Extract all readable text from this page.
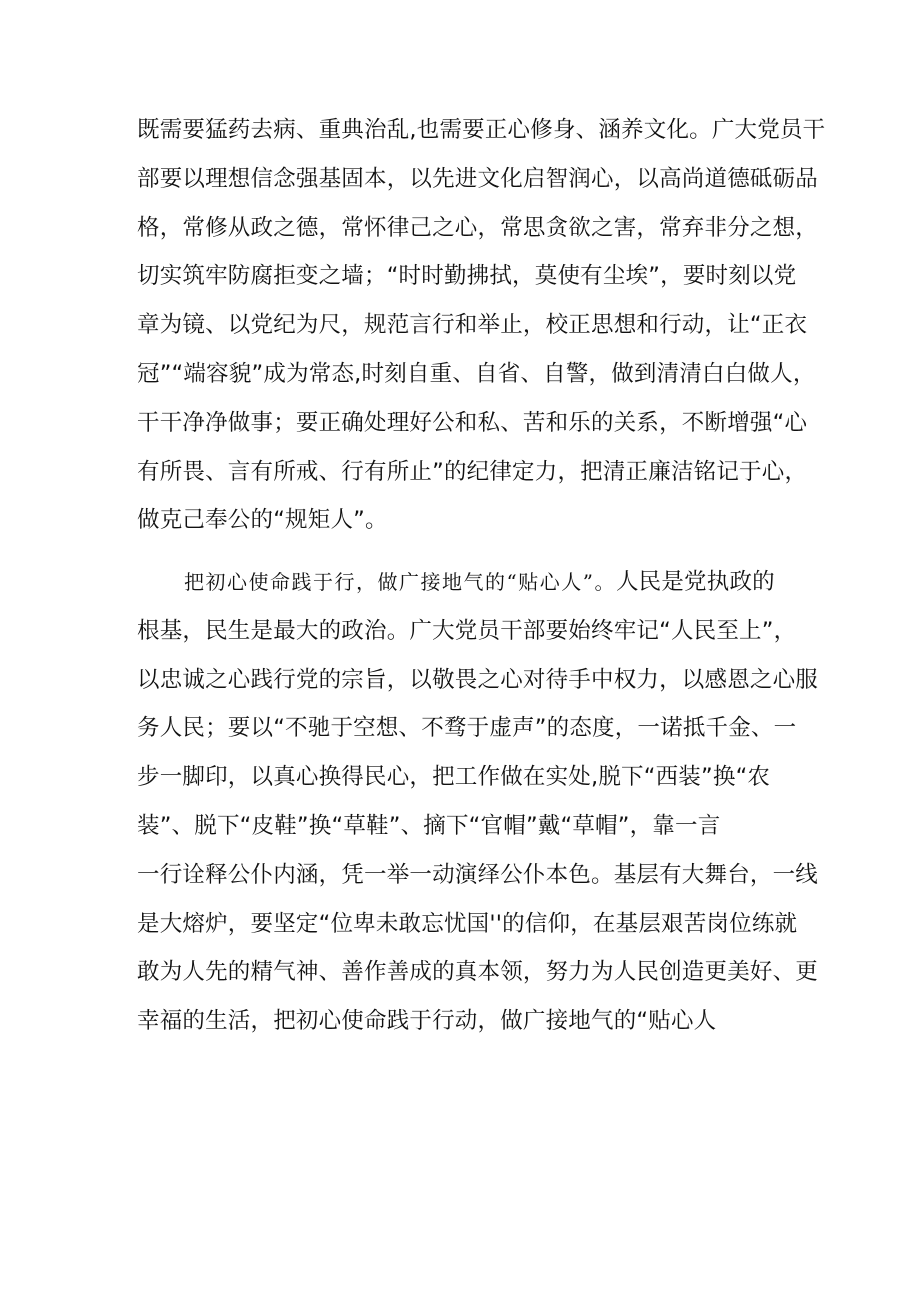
既需要猛药去病、重典治乱,也需要正心修身、涵养文化。广大党员干
部要以理想信念强基固本，以先进文化启智润心，以高尚道德砥砺品
格，常修从政之德，常怀律己之心，常思贪欲之害，常弃非分之想，
切实筑牢防腐拒变之墙；“时时勤拂拭，莫使有尘埃”，要时刻以党
章为镜、以党纪为尺，规范言行和举止，校正思想和行动，让“正衣
冠”“端容貌”成为常态,时刻自重、自省、自警，做到清清白白做人，
干干净净做事；要正确处理好公和私、苦和乐的关系，不断增强“心
有所畏、言有所戒、行有所止”的纪律定力，把清正廉洁铭记于心，
做克己奉公的“规矩人”。
把初心使命践于行，做广接地气的“贴心人”。人民是党执政的
根基，民生是最大的政治。广大党员干部要始终牢记“人民至上”，
以忠诚之心践行党的宗旨，以敬畏之心对待手中权力，以感恩之心服
务人民；要以“不驰于空想、不骛于虚声”的态度，一诺抵千金、一
步一脚印，以真心换得民心，把工作做在实处,脱下“西装”换“农
装”、脱下“皮鞋”换“草鞋”、摘下“官帽”戴“草帽”，靠一言
一行诠释公仆内涵，凭一举一动演绎公仆本色。基层有大舞台，一线
是大熔炉，要坚定“位卑未敢忘忧国''的信仰，在基层艰苦岗位练就
敢为人先的精气神、善作善成的真本领，努力为人民创造更美好、更
幸福的生活，把初心使命践于行动，做广接地气的“贴心人
